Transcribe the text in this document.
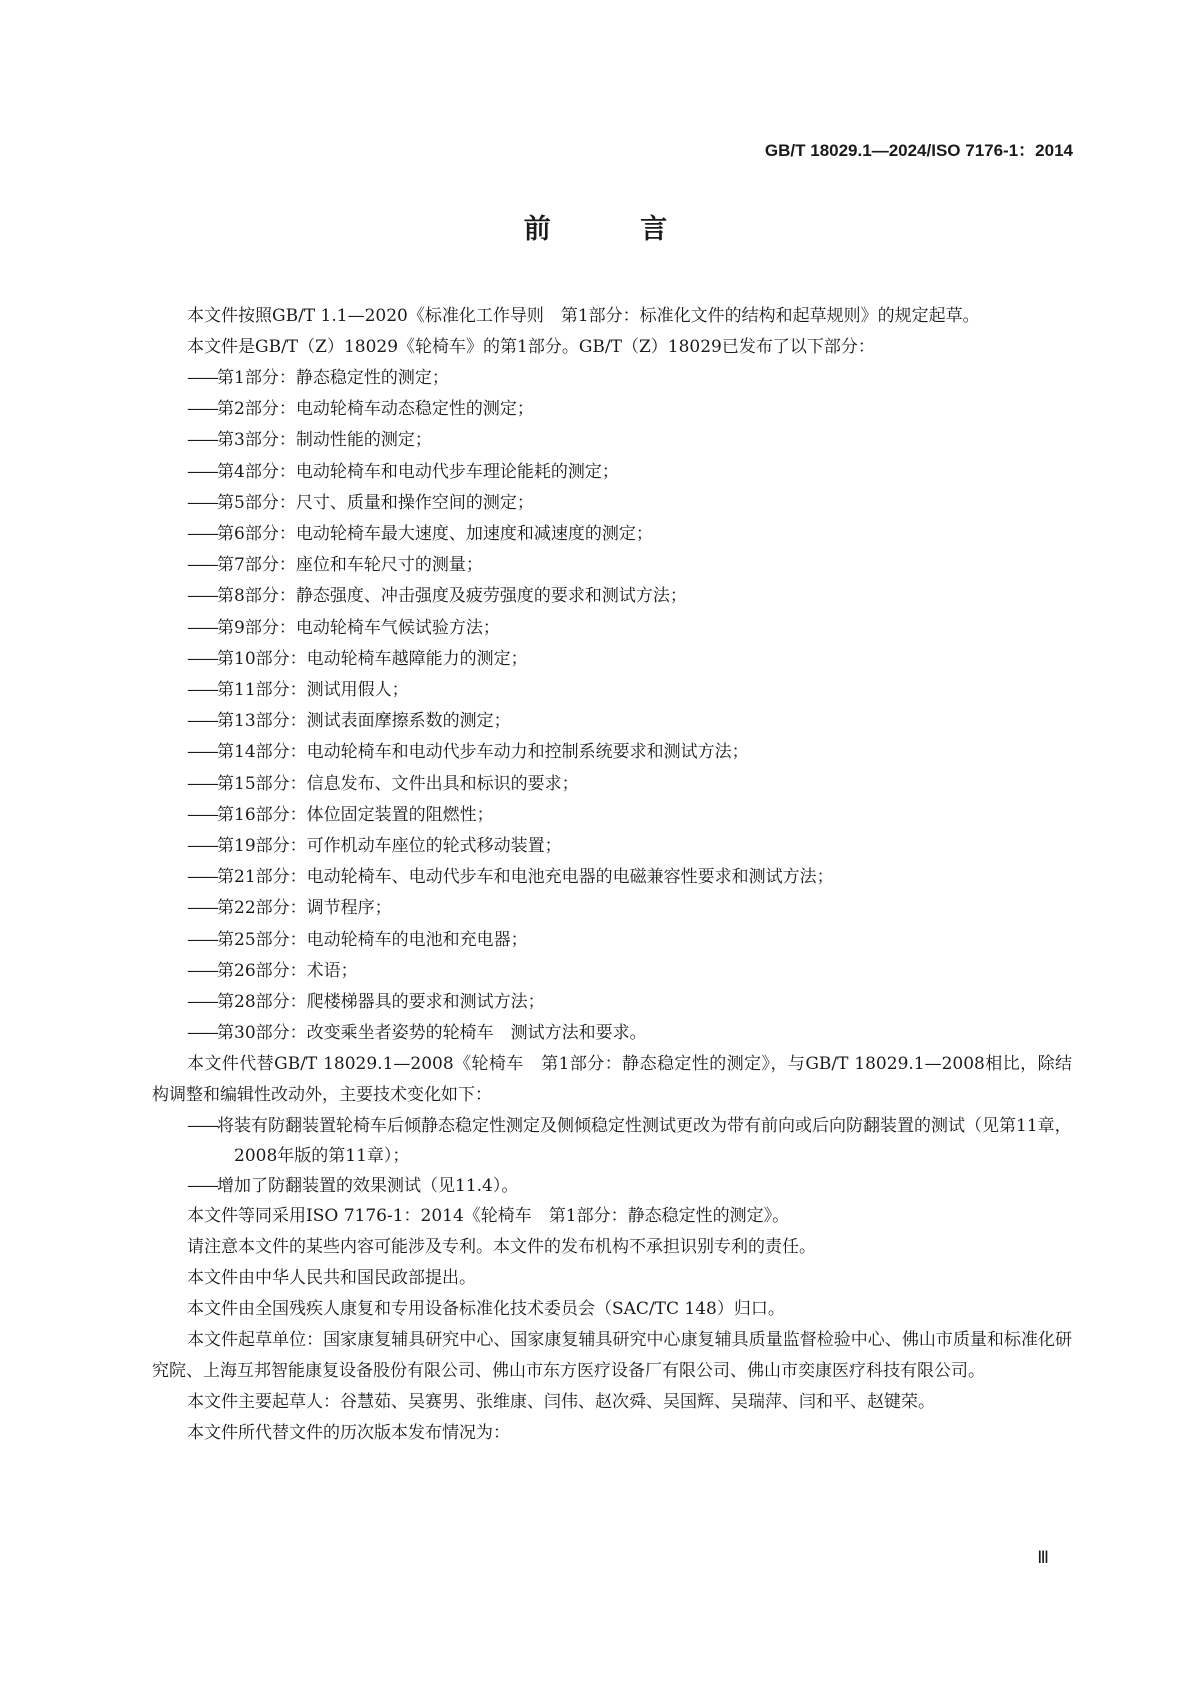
GB/T 18029.1—2024/ISO 7176-1：2014
前 言

本文件按照GB/T 1.1—2020《标准化工作导则　第1部分：标准化文件的结构和起草规则》的规定起草。

本文件是GB/T（Z）18029《轮椅车》的第1部分。GB/T（Z）18029已发布了以下部分：

——第1部分：静态稳定性的测定；
——第2部分：电动轮椅车动态稳定性的测定；
——第3部分：制动性能的测定；
——第4部分：电动轮椅车和电动代步车理论能耗的测定；
——第5部分：尺寸、质量和操作空间的测定；
——第6部分：电动轮椅车最大速度、加速度和减速度的测定；
——第7部分：座位和车轮尺寸的测量；
——第8部分：静态强度、冲击强度及疲劳强度的要求和测试方法；
——第9部分：电动轮椅车气候试验方法；
——第10部分：电动轮椅车越障能力的测定；
——第11部分：测试用假人；
——第13部分：测试表面摩擦系数的测定；
——第14部分：电动轮椅车和电动代步车动力和控制系统要求和测试方法；
——第15部分：信息发布、文件出具和标识的要求；
——第16部分：体位固定装置的阻燃性；
——第19部分：可作机动车座位的轮式移动装置；
——第21部分：电动轮椅车、电动代步车和电池充电器的电磁兼容性要求和测试方法；
——第22部分：调节程序；
——第25部分：电动轮椅车的电池和充电器；
——第26部分：术语；
——第28部分：爬楼梯器具的要求和测试方法；
——第30部分：改变乘坐者姿势的轮椅车　测试方法和要求。

本文件代替GB/T 18029.1—2008《轮椅车　第1部分：静态稳定性的测定》，与GB/T 18029.1—2008相比，除结构调整和编辑性改动外，主要技术变化如下：

——将装有防翻装置轮椅车后倾静态稳定性测定及侧倾稳定性测试更改为带有前向或后向防翻装置的测试（见第11章，2008年版的第11章）；
——增加了防翻装置的效果测试（见11.4）。

本文件等同采用ISO 7176-1：2014《轮椅车　第1部分：静态稳定性的测定》。

请注意本文件的某些内容可能涉及专利。本文件的发布机构不承担识别专利的责任。

本文件由中华人民共和国民政部提出。

本文件由全国残疾人康复和专用设备标准化技术委员会（SAC/TC 148）归口。

本文件起草单位：国家康复辅具研究中心、国家康复辅具研究中心康复辅具质量监督检验中心、佛山市质量和标准化研究院、上海互邦智能康复设备股份有限公司、佛山市东方医疗设备厂有限公司、佛山市奕康医疗科技有限公司。

本文件主要起草人：谷慧茹、吴赛男、张维康、闫伟、赵次舜、吴国辉、吴瑞萍、闫和平、赵键荣。

本文件所代替文件的历次版本发布情况为：

Ⅲ
